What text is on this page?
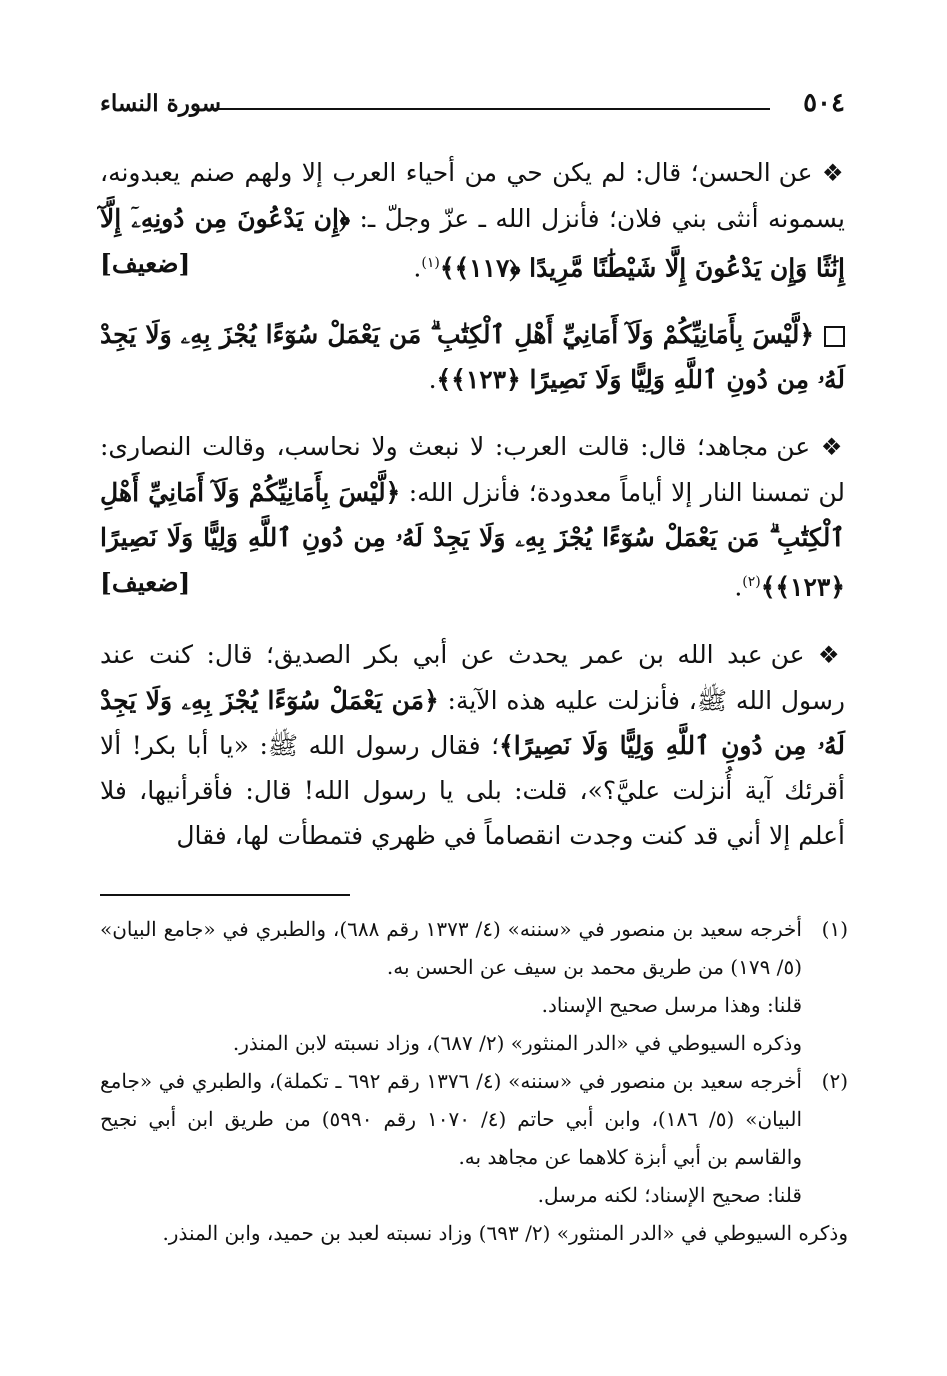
٥٠٤
سورة النساء

❖ عن الحسن؛ قال: لم يكن حي من أحياء العرب إلا ولهم صنم يعبدونه، يسمونه أنثى بني فلان؛ فأنزل الله ـ عزّ وجلّ ـ: ﴿إِن يَدْعُونَ مِن دُونِهِۦٓ إِلَّآ إِنَٰثًا وَإِن يَدْعُونَ إِلَّا شَيْطَٰنًا مَّرِيدًا ﴿١١٧﴾﴾$^{(١)}$.
[ضعيف]

﴿لَّيْسَ بِأَمَانِيِّكُمْ وَلَآ أَمَانِيِّ أَهْلِ ٱلْكِتَٰبِ ۗ مَن يَعْمَلْ سُوٓءًا يُجْزَ بِهِۦ وَلَا يَجِدْ لَهُۥ مِن دُونِ ٱللَّهِ وَلِيًّا وَلَا نَصِيرًا ﴿١٢٣﴾﴾.

❖ عن مجاهد؛ قال: قالت العرب: لا نبعث ولا نحاسب، وقالت النصارى: لن تمسنا النار إلا أياماً معدودة؛ فأنزل الله: ﴿لَّيْسَ بِأَمَانِيِّكُمْ وَلَآ أَمَانِيِّ أَهْلِ ٱلْكِتَٰبِ ۗ مَن يَعْمَلْ سُوٓءًا يُجْزَ بِهِۦ وَلَا يَجِدْ لَهُۥ مِن دُونِ ٱللَّهِ وَلِيًّا وَلَا نَصِيرًا ﴿١٢٣﴾﴾$^{(٢)}$.
[ضعيف]

❖ عن عبد الله بن عمر يحدث عن أبي بكر الصديق؛ قال: كنت عند رسول الله ﷺ، فأنزلت عليه هذه الآية: ﴿مَن يَعْمَلْ سُوٓءًا يُجْزَ بِهِۦ وَلَا يَجِدْ لَهُۥ مِن دُونِ ٱللَّهِ وَلِيًّا وَلَا نَصِيرًا﴾؛ فقال رسول الله ﷺ: «يا أبا بكر! ألا أقرئك آية أُنزلت عليَّ؟»، قلت: بلى يا رسول الله! قال: فأقرأنيها، فلا أعلم إلا أني قد كنت وجدت انقصاماً في ظهري فتمطأت لها، فقال

(١)
أخرجه سعيد بن منصور في «سننه» (٤/ ١٣٧٣ رقم ٦٨٨)، والطبري في «جامع البيان» (٥/ ١٧٩) من طريق محمد بن سيف عن الحسن به.
قلنا: وهذا مرسل صحيح الإسناد.
وذكره السيوطي في «الدر المنثور» (٢/ ٦٨٧)، وزاد نسبته لابن المنذر.
(٢)
أخرجه سعيد بن منصور في «سننه» (٤/ ١٣٧٦ رقم ٦٩٢ ـ تكملة)، والطبري في «جامع البيان» (٥/ ١٨٦)، وابن أبي حاتم (٤/ ١٠٧٠ رقم ٥٩٩٠) من طريق ابن أبي نجيح والقاسم بن أبي أبزة كلاهما عن مجاهد به.
قلنا: صحيح الإسناد؛ لكنه مرسل.
وذكره السيوطي في «الدر المنثور» (٢/ ٦٩٣) وزاد نسبته لعبد بن حميد، وابن المنذر.
